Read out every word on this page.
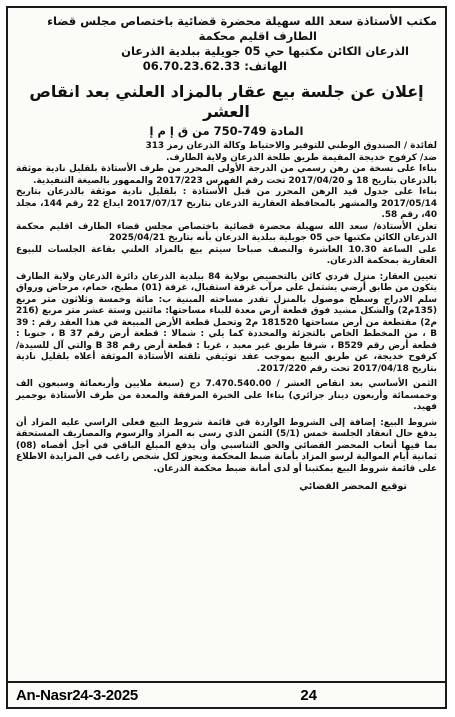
مكتب الأستاذة سعد الله سهيلة محضرة قضائية باختصاص مجلس قضاء
الطارف اقليم محكمة
الذرعان الكائن مكتبها حي 05 جويلية ببلدية الذرعان
الهاتف: 06.70.23.62.33
إعلان عن جلسة بيع عقار بالمزاد العلني بعد انقاص العشر
المادة 749-750 من ق إ م إ

لفائدة / الصندوق الوطني للتوفير والاحتياط وكالة الذرعان رمز 313

ضد/ كرفوح خديجة المقيمة طريق طلحة الذرعان ولاية الطارف.

بناءا على نسخة من رهن رسمي من الدرجة الأولى المحرر من طرف الأستاذة بلقليل نادية موثقة بالذرعان بتاريخ 18 و 2017/04/20 تحت رقم الفهرس 2017/223 والممهور بالصيغة التنفيذية.

بناءا على جدول قيد الرهن المحرر من قبل الأستاذة : بلقليل نادية موثقة بالذرعان بتاريخ 2017/05/14 والمشهر بالمحافظة العقارية الذرعان بتاريخ 2017/07/17 ايداع 22 رقم 144، مجلد 40، رقم 58.

تعلن الأستاذة/ سعد الله سهيلة محضرة قضائية باختصاص مجلس قضاء الطارف اقليم محكمة الذرعان الكائن مكتبها حي 05 جويلية ببلدية الذرعان بأنه بتاريخ 2025/04/21

على الساعة 10.30 العاشرة والنصف صباحا سيتم بيع بالمزاد العلني بقاعة الجلسات للبيوع العقارية بمحكمة الذرعان.

تعيين العقار: منزل فردي كائن بالتحصيص بولاية 84 ببلدية الذرعان دائرة الذرعان ولاية الطارف يتكون من طابق أرضي يشتمل على مرآب غرفة استقبال، غرفة (01) مطبخ، حمام، مرحاض ورواق سلم الادراج وسطح موصول بالمنزل تقدر مساحته المبنية ب: مائة وخمسة وثلاثون متر مربع (135م2) والشكل مشيد فوق قطعة أرض معدة للبناء مساحتها: مائتين وستة عشر متر مربع (216 م2) مقتطعة من أرض مساحتها 181520 م2 وتحمل قطعة الأرض المبيعة في هذا العقد رقم : 39 B ، من المخطط الخاص بالتجزئة والمحددة كما يلي : شمالا : قطعة أرض رقم B 37 ، جنوبا : قطعة أرض رقم B529 ، شرقا طريق غير معبد ، غربا : قطعة أرض رقم B 38 والتي آل للسيدة/ كرفوح خديجة، عن طريق البيع بموجب عقد توثيقي تلقته الأستاذة الموثقة أعلاه بلقليل نادية بتاريخ 2017/04/18 تحت رقم 2017/220.

الثمن الأساسي بعد انقاص العشر / 7.470.540.00 دج (سبعة ملايين وأربعمائة وسبعون الف وخمسمائة وأربعون دينار جزائري) بناءا على الخبرة المرفقة والمعدة من طرف الأستاذة بوجمير فهيد.

شروط البيع: إضافة إلى الشروط الواردة في قائمة شروط البيع فعلى الراسي عليه المزاد أن يدفع حال انعقاد الجلسة خمس (5/1) الثمن الذي رسى به المزاد والرسوم والمصاريف المستحقة بما فيها أتعاب المحضر القضائي والحق التناسبي وأن يدفع المبلغ الباقي في أجل أقصاه (08) ثمانية أيام الموالية لرسو المزاد بأمانة ضبط المحكمة ويجوز لكل شخص راغب في المزايدة الاطلاع على قائمة شروط البيع بمكتبنا أو لدى أمانة ضبط محكمة الذرعان.

توقيع المحضر القضائي
An-Nasr24-3-2025	24
